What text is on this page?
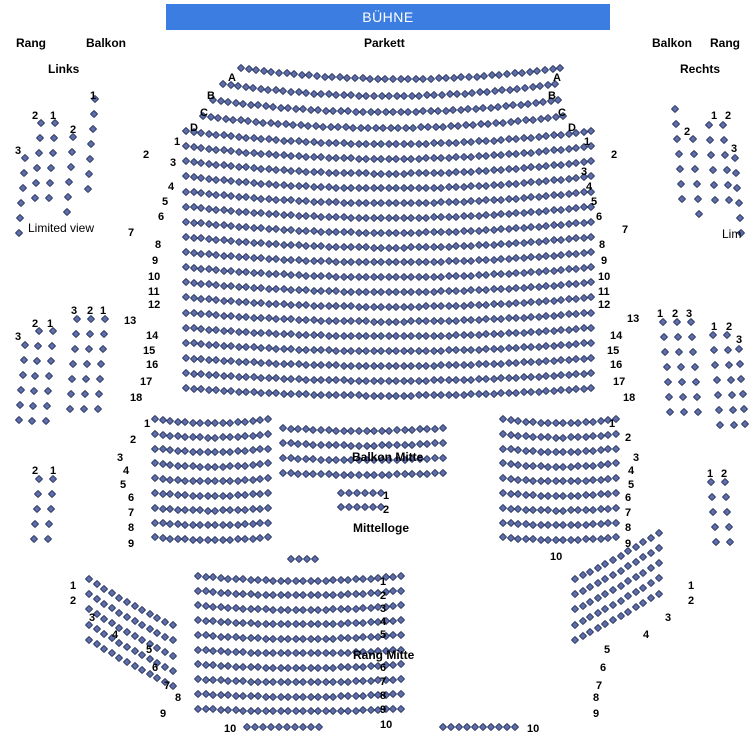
BÜHNE
Rang	Balkon	Parkett	Balkon Rang
Links	Rechts
Limited view	Lim
Balkon Mitte
Mittelloge
Rang Mitte
A
B
C
D
A
B
C
D
1
2
3
4
5
6
7
8
9
10
11
12
13
14
15
16
17
18
1
2
3
4
5
6
7
8
9
10
11
12
13
14
15
16
17
18
1
2
3
4
5
6
7
8
9
1
2
3
4
5
6
7
8
9
10
1
2
1
2
3
4
5
6
7
8
9
10
1
2
3
4
5
6
7
8
9
10
1
2
3
4
5
6
7
8
9
10
1
2 1
2
3
3 2 1
2 1
3
2 1
1 2
2
3
1 2 3
1 2
3
1 2
